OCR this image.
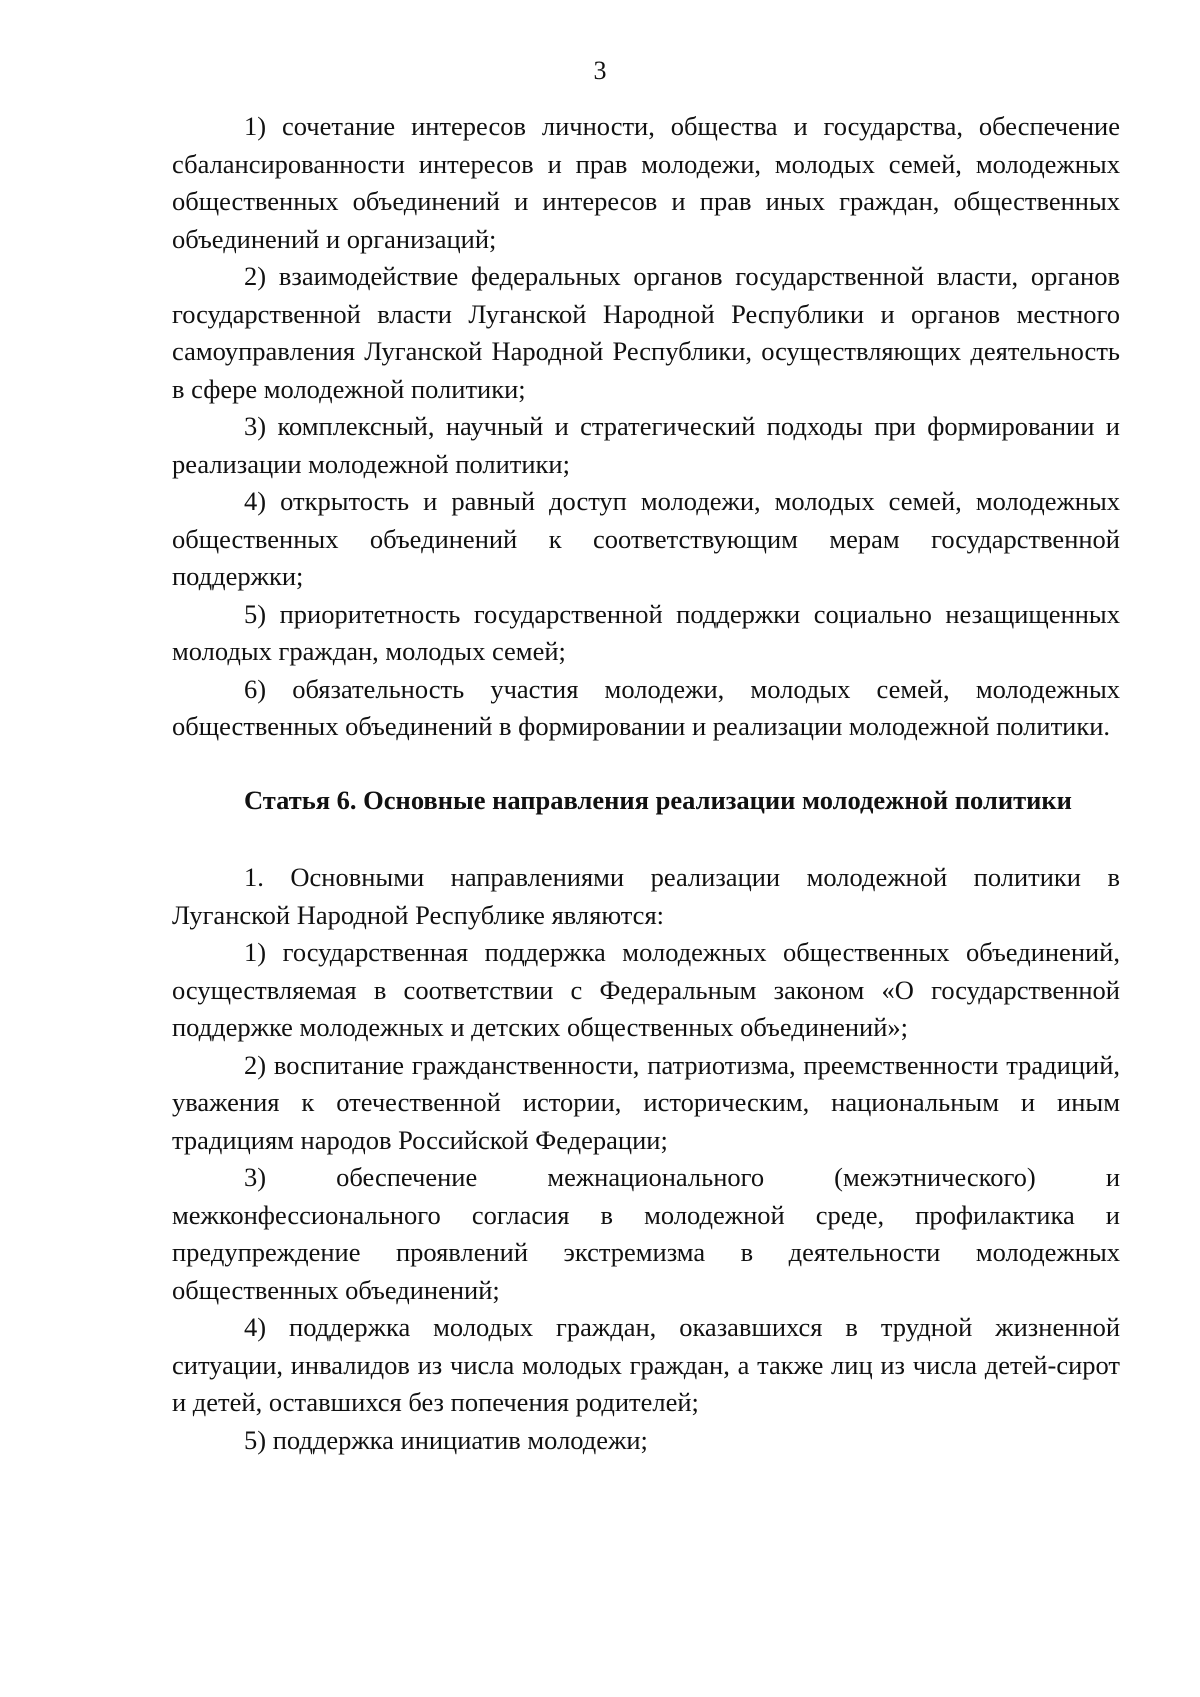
3

1) сочетание интересов личности, общества и государства, обеспечение сбалансированности интересов и прав молодежи, молодых семей, молодежных общественных объединений и интересов и прав иных граждан, общественных объединений и организаций;

2) взаимодействие федеральных органов государственной власти, органов государственной власти Луганской Народной Республики и органов местного самоуправления Луганской Народной Республики, осуществляющих деятельность в сфере молодежной политики;

3) комплексный, научный и стратегический подходы при формировании и реализации молодежной политики;

4) открытость и равный доступ молодежи, молодых семей, молодежных общественных объединений к соответствующим мерам государственной поддержки;

5) приоритетность государственной поддержки социально незащищенных молодых граждан, молодых семей;

6) обязательность участия молодежи, молодых семей, молодежных общественных объединений в формировании и реализации молодежной политики.

Статья 6. Основные направления реализации молодежной политики

1. Основными направлениями реализации молодежной политики в Луганской Народной Республике являются:

1) государственная поддержка молодежных общественных объединений, осуществляемая в соответствии с Федеральным законом «О государственной поддержке молодежных и детских общественных объединений»;

2) воспитание гражданственности, патриотизма, преемственности традиций, уважения к отечественной истории, историческим, национальным и иным традициям народов Российской Федерации;

3) обеспечение межнационального (межэтнического) и межконфессионального согласия в молодежной среде, профилактика и предупреждение проявлений экстремизма в деятельности молодежных общественных объединений;

4) поддержка молодых граждан, оказавшихся в трудной жизненной ситуации, инвалидов из числа молодых граждан, а также лиц из числа детей-сирот и детей, оставшихся без попечения родителей;

5) поддержка инициатив молодежи;
